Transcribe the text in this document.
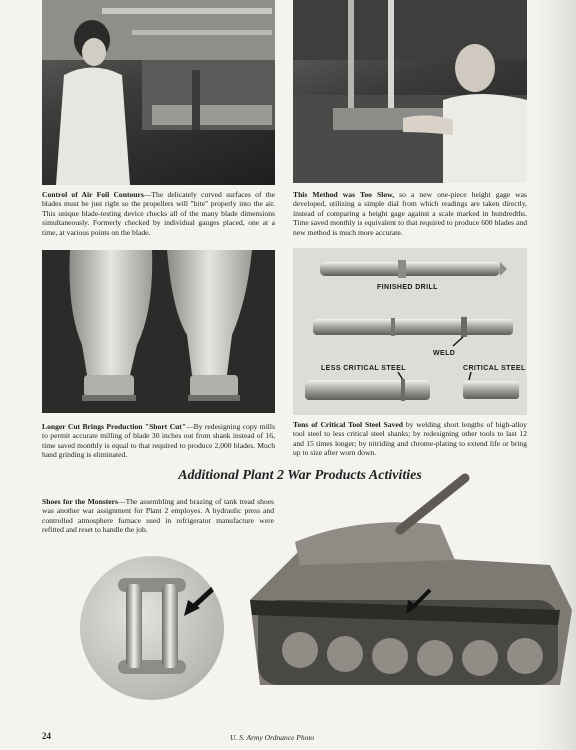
Control of Air Foil Contours—The delicately curved surfaces of the blades must be just right so the propellers will "bite" properly into the air. This unique blade-testing device checks all of the many blade dimensions simultaneously. Formerly checked by individual gauges placed, one at a time, at various points on the blade.
This Method was Too Slow, so a new one-piece height gage was developed, utilizing a simple dial from which readings are taken directly, instead of comparing a height gage against a scale marked in hundredths. Time saved monthly is equivalent to that required to produce 600 blades and new method is much more accurate.
FINISHED DRILL
WELD
LESS CRITICAL STEEL	CRITICAL STEEL
Longer Cut Brings Production "Short Cut"—By redesigning copy mills to permit accurate milling of blade 30 inches out from shank instead of 16, time saved monthly is equal to that required to produce 2,000 blades. Much hand grinding is eliminated.
Tons of Critical Tool Steel Saved by welding short lengths of high-alloy tool steel to less critical steel shanks; by redesigning other tools to last 12 and 15 times longer; by nitriding and chrome-plating to extend life or bring up to size after worn down.
Additional Plant 2 War Products Activities
Shoes for the Monsters—The assembling and brazing of tank tread shoes was another war assignment for Plant 2 employes. A hydraulic press and controlled atmosphere furnace used in refrigerator manufacture were refitted and reset to handle the job.
24	U. S. Army Ordnance Photo
